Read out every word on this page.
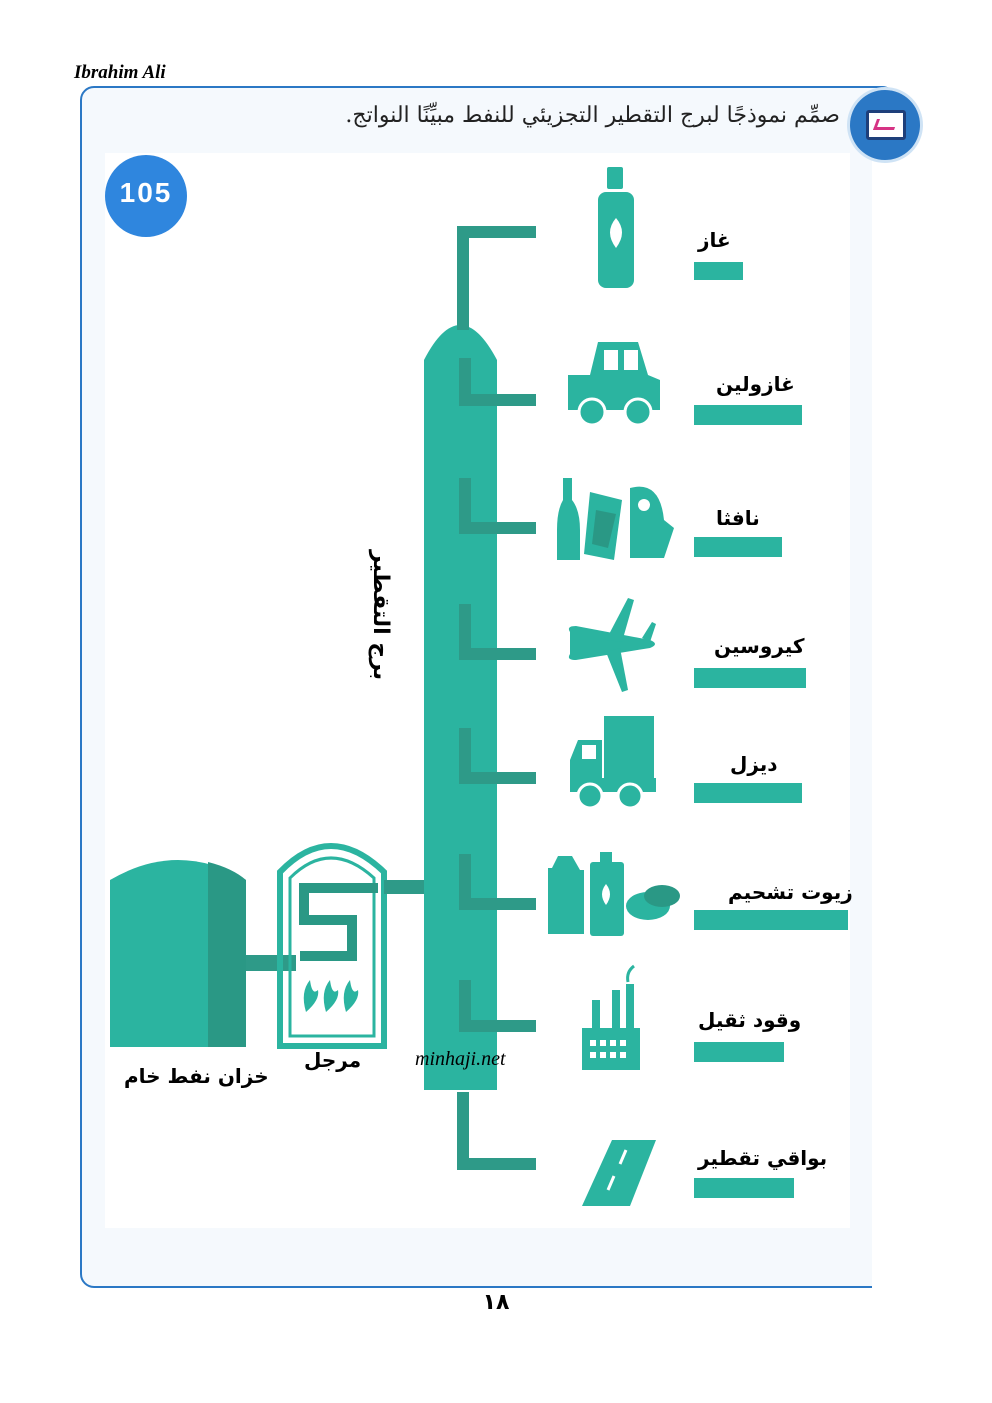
Ibrahim Ali
صمِّم نموذجًا لبرج التقطير التجزيئي للنفط مبيِّنًا النواتج.
105
غاز
غازولين
نافثا
كيروسين
ديزل
زيوت تشحيم
وقود ثقيل
بواقي تقطير
برج التقطير
خزان نفط خام
مرجل	minhaji.net
١٨
